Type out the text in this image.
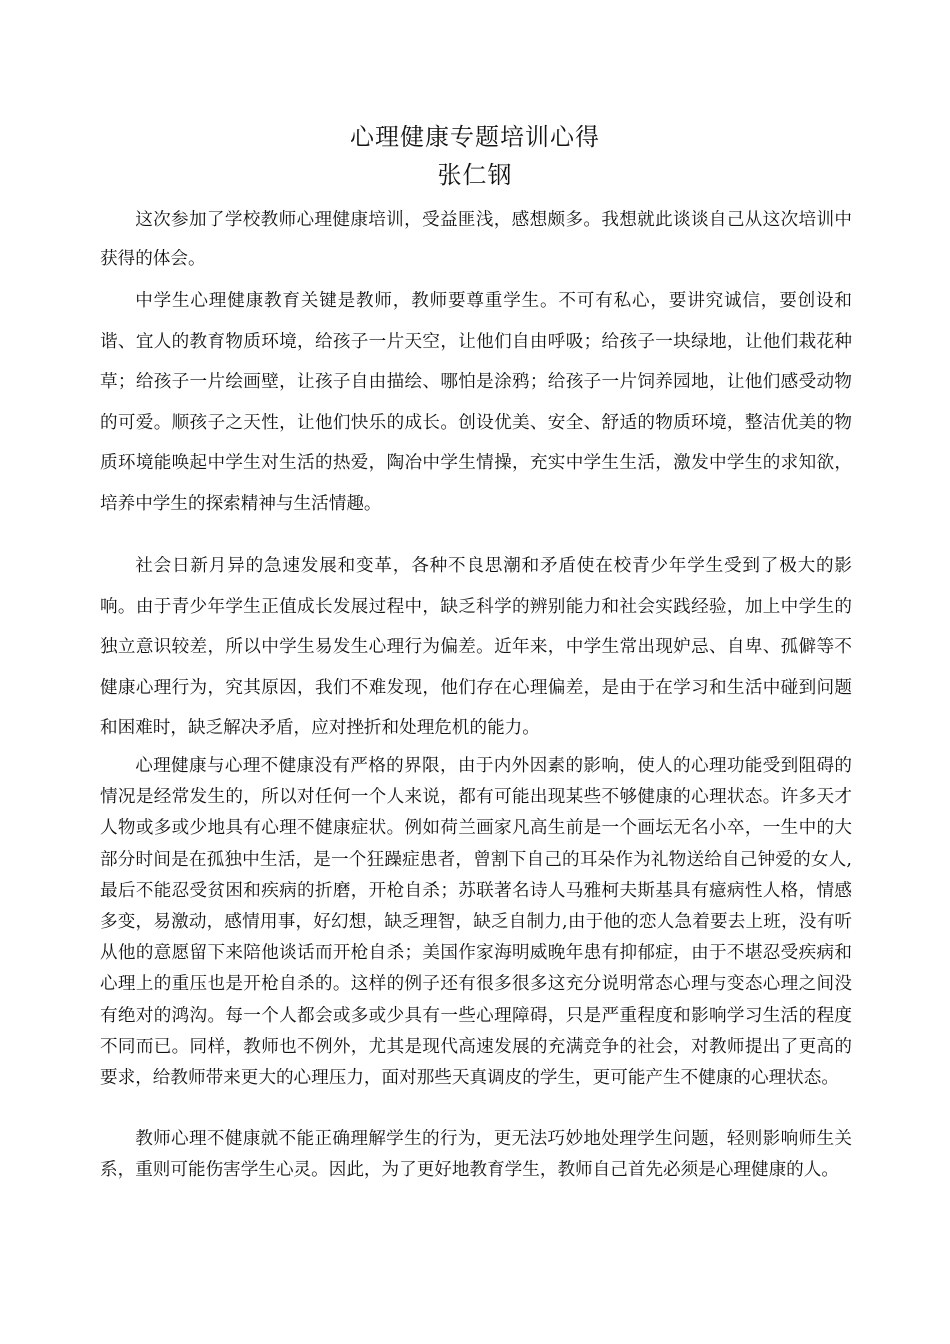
心理健康专题培训心得
张仁钢
这次参加了学校教师心理健康培训，受益匪浅，感想颇多。我想就此谈谈自己从这次培训中获得的体会。
中学生心理健康教育关键是教师，教师要尊重学生。不可有私心，要讲究诚信，要创设和谐、宜人的教育物质环境，给孩子一片天空，让他们自由呼吸；给孩子一块绿地，让他们栽花种草；给孩子一片绘画壁，让孩子自由描绘、哪怕是涂鸦；给孩子一片饲养园地，让他们感受动物的可爱。顺孩子之天性，让他们快乐的成长。创设优美、安全、舒适的物质环境，整洁优美的物质环境能唤起中学生对生活的热爱，陶冶中学生情操，充实中学生生活，激发中学生的求知欲，培养中学生的探索精神与生活情趣。
社会日新月异的急速发展和变革，各种不良思潮和矛盾使在校青少年学生受到了极大的影响。由于青少年学生正值成长发展过程中，缺乏科学的辨别能力和社会实践经验，加上中学生的独立意识较差，所以中学生易发生心理行为偏差。近年来，中学生常出现妒忌、自卑、孤僻等不健康心理行为，究其原因，我们不难发现，他们存在心理偏差，是由于在学习和生活中碰到问题和困难时，缺乏解决矛盾，应对挫折和处理危机的能力。
心理健康与心理不健康没有严格的界限，由于内外因素的影响，使人的心理功能受到阻碍的情况是经常发生的，所以对任何一个人来说，都有可能出现某些不够健康的心理状态。许多天才人物或多或少地具有心理不健康症状。例如荷兰画家凡高生前是一个画坛无名小卒，一生中的大部分时间是在孤独中生活，是一个狂躁症患者，曾割下自己的耳朵作为礼物送给自己钟爱的女人,最后不能忍受贫困和疾病的折磨，开枪自杀；苏联著名诗人马雅柯夫斯基具有癔病性人格，情感多变，易激动，感情用事，好幻想，缺乏理智，缺乏自制力,由于他的恋人急着要去上班，没有听从他的意愿留下来陪他谈话而开枪自杀；美国作家海明威晚年患有抑郁症，由于不堪忍受疾病和心理上的重压也是开枪自杀的。这样的例子还有很多很多这充分说明常态心理与变态心理之间没有绝对的鸿沟。每一个人都会或多或少具有一些心理障碍，只是严重程度和影响学习生活的程度不同而已。同样，教师也不例外，尤其是现代高速发展的充满竞争的社会，对教师提出了更高的要求，给教师带来更大的心理压力，面对那些天真调皮的学生，更可能产生不健康的心理状态。
教师心理不健康就不能正确理解学生的行为，更无法巧妙地处理学生问题，轻则影响师生关系，重则可能伤害学生心灵。因此，为了更好地教育学生，教师自己首先必须是心理健康的人。
